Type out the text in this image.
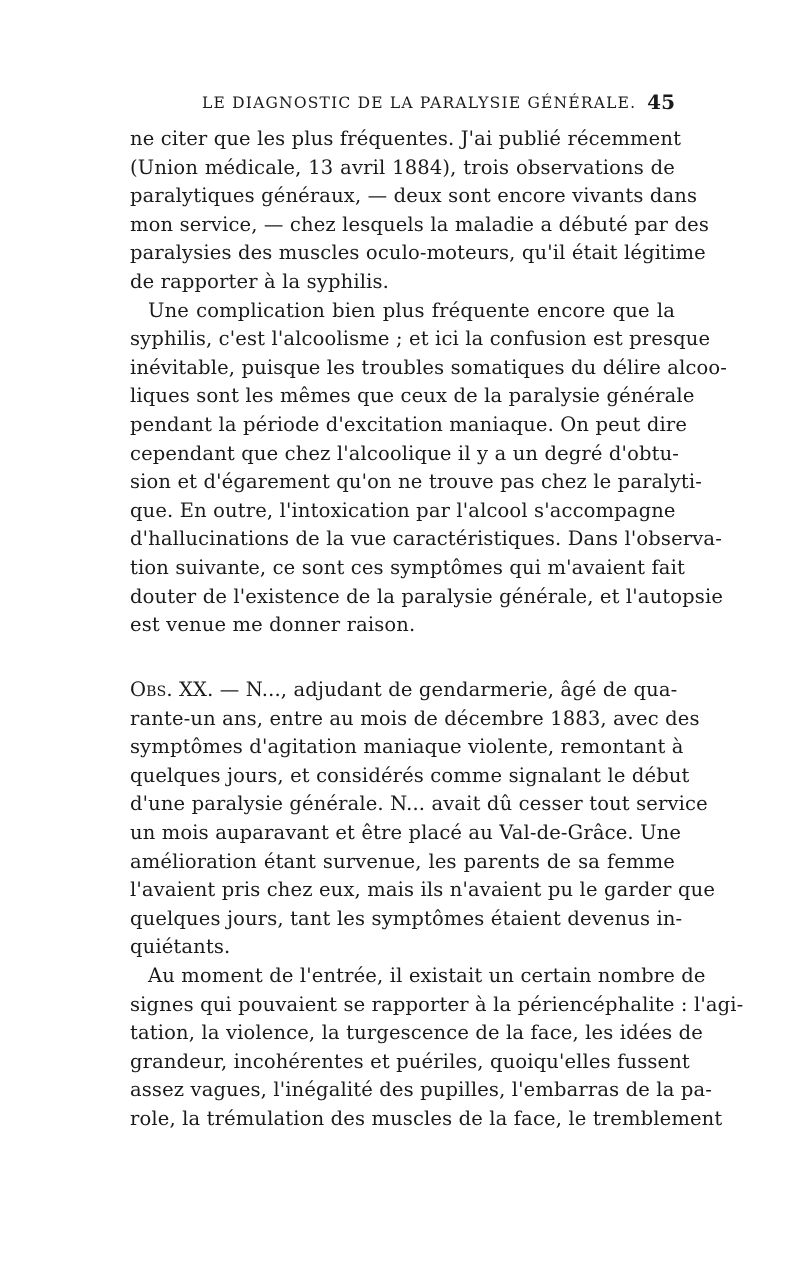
LE DIAGNOSTIC DE LA PARALYSIE GÉNÉRALE. 45
ne citer que les plus fréquentes. J'ai publié récemment
(Union médicale, 13 avril 1884), trois observations de
paralytiques généraux, — deux sont encore vivants dans
mon service, — chez lesquels la maladie a débuté par des
paralysies des muscles oculo-moteurs, qu'il était légitime
de rapporter à la syphilis.
Une complication bien plus fréquente encore que la
syphilis, c'est l'alcoolisme ; et ici la confusion est presque
inévitable, puisque les troubles somatiques du délire alcoo-
liques sont les mêmes que ceux de la paralysie générale
pendant la période d'excitation maniaque. On peut dire
cependant que chez l'alcoolique il y a un degré d'obtu-
sion et d'égarement qu'on ne trouve pas chez le paralyti-
que. En outre, l'intoxication par l'alcool s'accompagne
d'hallucinations de la vue caractéristiques. Dans l'observa-
tion suivante, ce sont ces symptômes qui m'avaient fait
douter de l'existence de la paralysie générale, et l'autopsie
est venue me donner raison.
Obs. XX. — N..., adjudant de gendarmerie, âgé de qua-
rante-un ans, entre au mois de décembre 1883, avec des
symptômes d'agitation maniaque violente, remontant à
quelques jours, et considérés comme signalant le début
d'une paralysie générale. N... avait dû cesser tout service
un mois auparavant et être placé au Val-de-Grâce. Une
amélioration étant survenue, les parents de sa femme
l'avaient pris chez eux, mais ils n'avaient pu le garder que
quelques jours, tant les symptômes étaient devenus in-
quiétants.
Au moment de l'entrée, il existait un certain nombre de
signes qui pouvaient se rapporter à la périencéphalite : l'agi-
tation, la violence, la turgescence de la face, les idées de
grandeur, incohérentes et puériles, quoiqu'elles fussent
assez vagues, l'inégalité des pupilles, l'embarras de la pa-
role, la trémulation des muscles de la face, le tremblement
